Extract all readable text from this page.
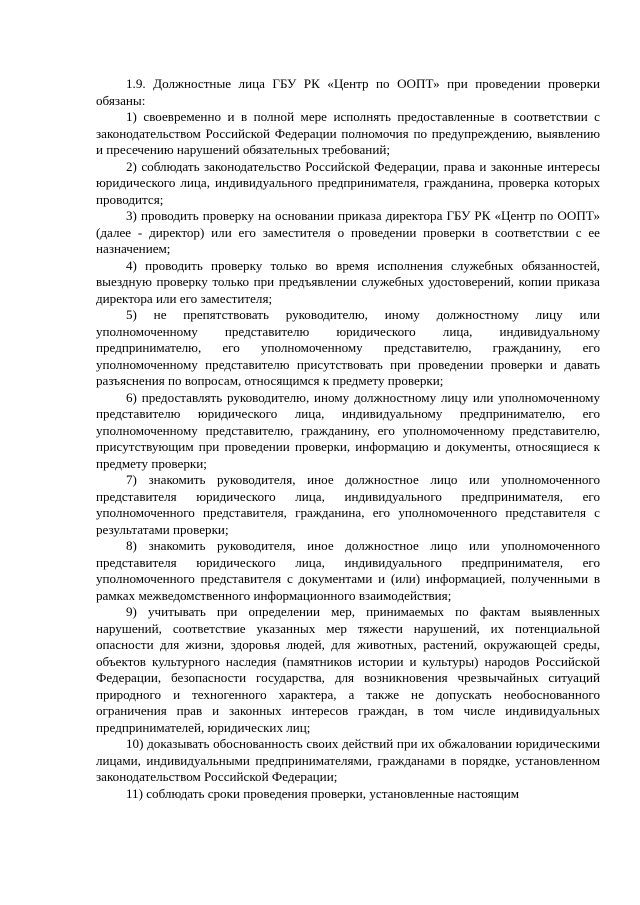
1.9. Должностные лица ГБУ РК «Центр по ООПТ» при проведении проверки обязаны:

1) своевременно и в полной мере исполнять предоставленные в соответствии с законодательством Российской Федерации полномочия по предупреждению, выявлению и пресечению нарушений обязательных требований;

2) соблюдать законодательство Российской Федерации, права и законные интересы юридического лица, индивидуального предпринимателя, гражданина, проверка которых проводится;

3) проводить проверку на основании приказа директора ГБУ РК «Центр по ООПТ» (далее - директор) или его заместителя о проведении проверки в соответствии с ее назначением;

4) проводить проверку только во время исполнения служебных обязанностей, выездную проверку только при предъявлении служебных удостоверений, копии приказа директора или его заместителя;

5) не препятствовать руководителю, иному должностному лицу или уполномоченному представителю юридического лица, индивидуальному предпринимателю, его уполномоченному представителю, гражданину, его уполномоченному представителю присутствовать при проведении проверки и давать разъяснения по вопросам, относящимся к предмету проверки;

6) предоставлять руководителю, иному должностному лицу или уполномоченному представителю юридического лица, индивидуальному предпринимателю, его уполномоченному представителю, гражданину, его уполномоченному представителю, присутствующим при проведении проверки, информацию и документы, относящиеся к предмету проверки;

7) знакомить руководителя, иное должностное лицо или уполномоченного представителя юридического лица, индивидуального предпринимателя, его уполномоченного представителя, гражданина, его уполномоченного представителя с результатами проверки;

8) знакомить руководителя, иное должностное лицо или уполномоченного представителя юридического лица, индивидуального предпринимателя, его уполномоченного представителя с документами и (или) информацией, полученными в рамках межведомственного информационного взаимодействия;

9) учитывать при определении мер, принимаемых по фактам выявленных нарушений, соответствие указанных мер тяжести нарушений, их потенциальной опасности для жизни, здоровья людей, для животных, растений, окружающей среды, объектов культурного наследия (памятников истории и культуры) народов Российской Федерации, безопасности государства, для возникновения чрезвычайных ситуаций природного и техногенного характера, а также не допускать необоснованного ограничения прав и законных интересов граждан, в том числе индивидуальных предпринимателей, юридических лиц;

10) доказывать обоснованность своих действий при их обжаловании юридическими лицами, индивидуальными предпринимателями, гражданами в порядке, установленном законодательством Российской Федерации;

11) соблюдать сроки проведения проверки, установленные настоящим
